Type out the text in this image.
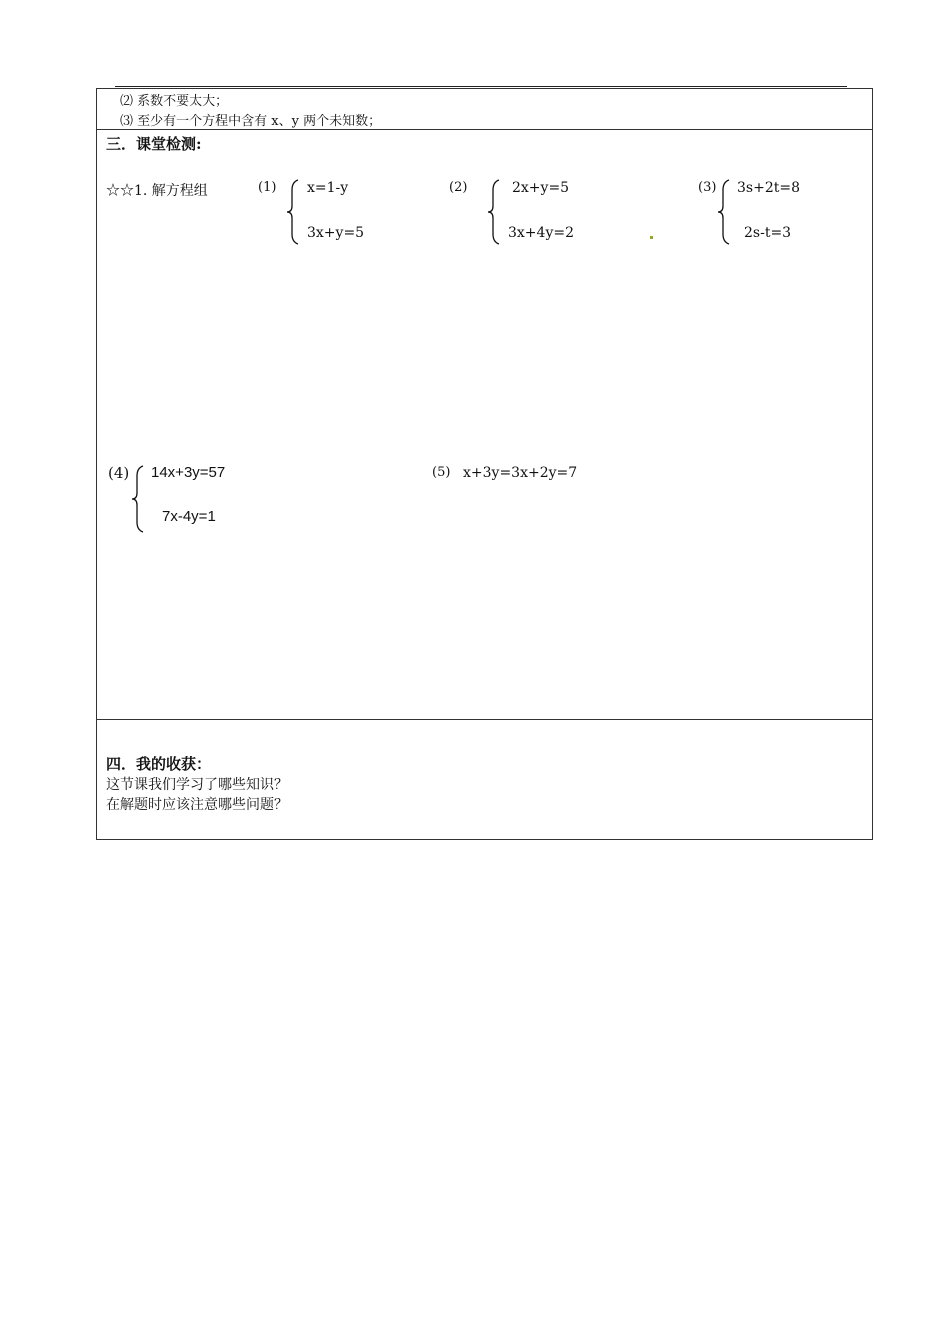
⑵ 系数不要太大；
⑶ 至少有一个方程中含有 x、y 两个未知数；
三．课堂检测:
☆☆1. 解方程组	(1) x=1-y
3x+y=5
(2)	2x+y=5
3x+4y=2
(3) 3s+2t=8
2s-t=3
(4) 14x+3y=57
7x-4y=1
(5) x+3y=3x+2y=7
四．我的收获：
这节课我们学习了哪些知识？
在解题时应该注意哪些问题？
